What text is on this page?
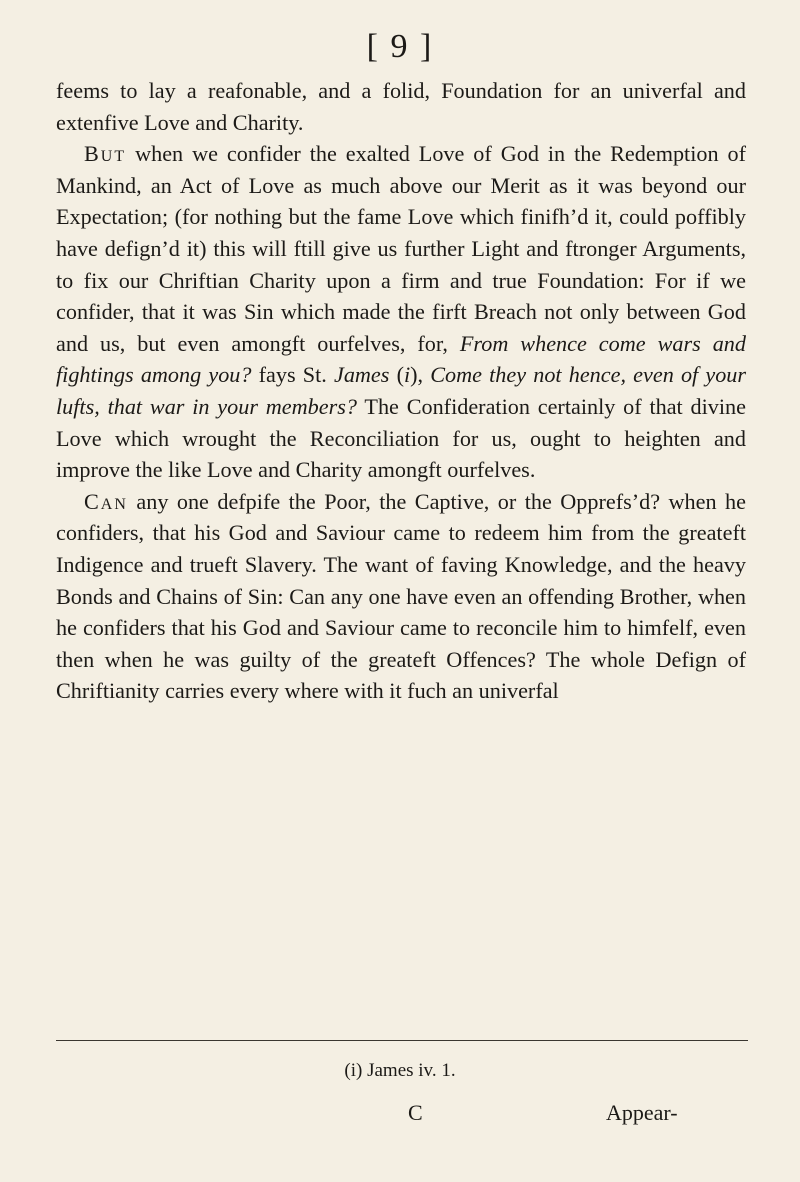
[ 9 ]

feems to lay a reafonable, and a folid, Foundation for an univerfal and extenfive Love and Charity.

But when we confider the exalted Love of God in the Redemption of Mankind, an Act of Love as much above our Merit as it was beyond our Expectation; (for nothing but the fame Love which finifh’d it, could poffibly have defign’d it) this will ftill give us further Light and ftronger Arguments, to fix our Chriftian Charity upon a firm and true Foundation: For if we confider, that it was Sin which made the firft Breach not only between God and us, but even amongft ourfelves, for, From whence come wars and fightings among you? fays St. James (i), Come they not hence, even of your lufts, that war in your members? The Confideration certainly of that divine Love which wrought the Reconciliation for us, ought to heighten and improve the like Love and Charity amongft ourfelves.

Can any one defpife the Poor, the Captive, or the Opprefs’d? when he confiders, that his God and Saviour came to redeem him from the greateft Indigence and trueft Slavery. The want of faving Knowledge, and the heavy Bonds and Chains of Sin: Can any one have even an offending Brother, when he confiders that his God and Saviour came to reconcile him to himfelf, even then when he was guilty of the greateft Offences? The whole Defign of Chriftianity carries every where with it fuch an univerfal

(i) James iv. 1.
C	Appear-
